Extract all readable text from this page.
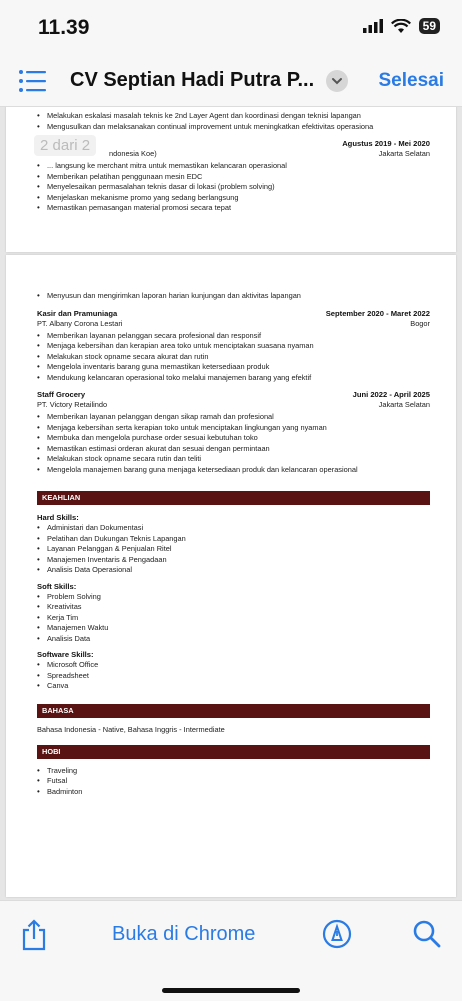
11.39	59
CV Septian Hadi Putra P...	Selesai
• Melakukan eskalasi masalah teknis ke 2nd Layer Agent dan koordinasi dengan teknisi lapangan
• Mengusulkan dan melaksanakan continual improvement untuk meningkatkan efektivitas operasiona
Agustus 2019 - Mei 2020
ndonesia Koe)	Jakarta Selatan
• ... langsung ke merchant mitra untuk memastikan kelancaran operasional
• Memberikan pelatihan penggunaan mesin EDC
• Menyelesaikan permasalahan teknis dasar di lokasi (problem solving)
• Menjelaskan mekanisme promo yang sedang berlangsung
• Memastikan pemasangan material promosi secara tepat
2 dari 2
• Menyusun dan mengirimkan laporan harian kunjungan dan aktivitas lapangan
Kasir dan Pramuniaga	September 2020 - Maret 2022
PT. Albany Corona Lestari	Bogor
• Memberikan layanan pelanggan secara profesional dan responsif
• Menjaga kebersihan dan kerapian area toko untuk menciptakan suasana nyaman
• Melakukan stock opname secara akurat dan rutin
• Mengelola inventaris barang guna memastikan ketersediaan produk
• Mendukung kelancaran operasional toko melalui manajemen barang yang efektif
Staff Grocery	Juni 2022 - April 2025
PT. Victory Retailindo	Jakarta Selatan
• Memberikan layanan pelanggan dengan sikap ramah dan profesional
• Menjaga kebersihan serta kerapian toko untuk menciptakan lingkungan yang nyaman
• Membuka dan mengelola purchase order sesuai kebutuhan toko
• Memastikan estimasi orderan akurat dan sesuai dengan permintaan
• Melakukan stock opname secara rutin dan teliti
• Mengelola manajemen barang guna menjaga ketersediaan produk dan kelancaran operasional
KEAHLIAN
Hard Skills:
• Administari dan Dokumentasi
• Pelatihan dan Dukungan Teknis Lapangan
• Layanan Pelanggan & Penjualan Ritel
• Manajemen Inventaris & Pengadaan
• Analisis Data Operasional
Soft Skills:
• Problem Solving
• Kreativitas
• Kerja Tim
• Manajemen Waktu
• Analisis Data
Software Skills:
• Microsoft Office
• Spreadsheet
• Canva
BAHASA
Bahasa Indonesia - Native, Bahasa Inggris - Intermediate
HOBI
• Traveling
• Futsal
• Badminton
Buka di Chrome
